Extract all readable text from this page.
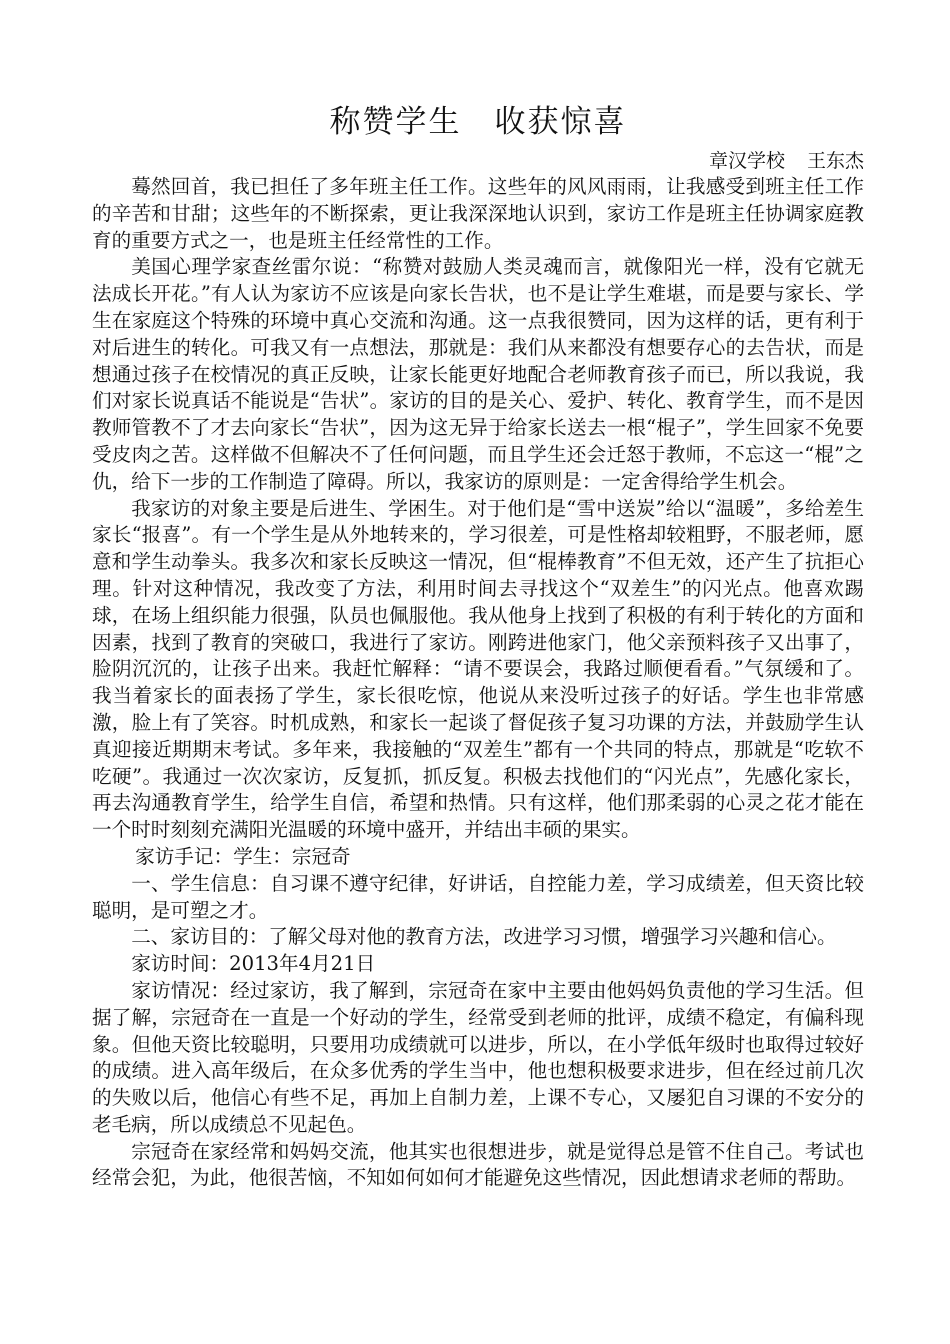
称赞学生　收获惊喜

章汉学校 王东杰

蓦然回首，我已担任了多年班主任工作。这些年的风风雨雨，让我感受到班主任工作的辛苦和甘甜；这些年的不断探索，更让我深深地认识到，家访工作是班主任协调家庭教育的重要方式之一，也是班主任经常性的工作。

美国心理学家查丝雷尔说：“称赞对鼓励人类灵魂而言，就像阳光一样，没有它就无法成长开花。”有人认为家访不应该是向家长告状，也不是让学生难堪，而是要与家长、学生在家庭这个特殊的环境中真心交流和沟通。这一点我很赞同，因为这样的话，更有利于对后进生的转化。可我又有一点想法，那就是：我们从来都没有想要存心的去告状，而是想通过孩子在校情况的真正反映，让家长能更好地配合老师教育孩子而已，所以我说，我们对家长说真话不能说是“告状”。家访的目的是关心、爱护、转化、教育学生，而不是因教师管教不了才去向家长“告状”，因为这无异于给家长送去一根“棍子”，学生回家不免要受皮肉之苦。这样做不但解决不了任何问题，而且学生还会迁怒于教师，不忘这一“棍”之仇，给下一步的工作制造了障碍。所以，我家访的原则是：一定舍得给学生机会。

我家访的对象主要是后进生、学困生。对于他们是“雪中送炭”给以“温暖”，多给差生家长“报喜”。有一个学生是从外地转来的，学习很差，可是性格却较粗野，不服老师，愿意和学生动拳头。我多次和家长反映这一情况，但“棍棒教育”不但无效，还产生了抗拒心理。针对这种情况，我改变了方法，利用时间去寻找这个“双差生”的闪光点。他喜欢踢球，在场上组织能力很强，队员也佩服他。我从他身上找到了积极的有利于转化的方面和因素，找到了教育的突破口，我进行了家访。刚跨进他家门，他父亲预料孩子又出事了，脸阴沉沉的，让孩子出来。我赶忙解释：“请不要误会，我路过顺便看看。”气氛缓和了。我当着家长的面表扬了学生，家长很吃惊，他说从来没听过孩子的好话。学生也非常感激，脸上有了笑容。时机成熟，和家长一起谈了督促孩子复习功课的方法，并鼓励学生认真迎接近期期末考试。多年来，我接触的“双差生”都有一个共同的特点，那就是“吃软不吃硬”。我通过一次次家访，反复抓，抓反复。积极去找他们的“闪光点”，先感化家长，再去沟通教育学生，给学生自信，希望和热情。只有这样，他们那柔弱的心灵之花才能在一个时时刻刻充满阳光温暖的环境中盛开，并结出丰硕的果实。

家访手记：学生：宗冠奇

一、学生信息：自习课不遵守纪律，好讲话，自控能力差，学习成绩差，但天资比较聪明，是可塑之才。

二、家访目的：了解父母对他的教育方法，改进学习习惯，增强学习兴趣和信心。

家访时间：2013年4月21日

家访情况：经过家访，我了解到，宗冠奇在家中主要由他妈妈负责他的学习生活。但据了解，宗冠奇在一直是一个好动的学生，经常受到老师的批评，成绩不稳定，有偏科现象。但他天资比较聪明，只要用功成绩就可以进步，所以，在小学低年级时也取得过较好的成绩。进入高年级后，在众多优秀的学生当中，他也想积极要求进步，但在经过前几次的失败以后，他信心有些不足，再加上自制力差，上课不专心，又屡犯自习课的不安分的老毛病，所以成绩总不见起色。

宗冠奇在家经常和妈妈交流，他其实也很想进步，就是觉得总是管不住自己。考试也经常会犯，为此，他很苦恼，不知如何如何才能避免这些情况，因此想请求老师的帮助。
